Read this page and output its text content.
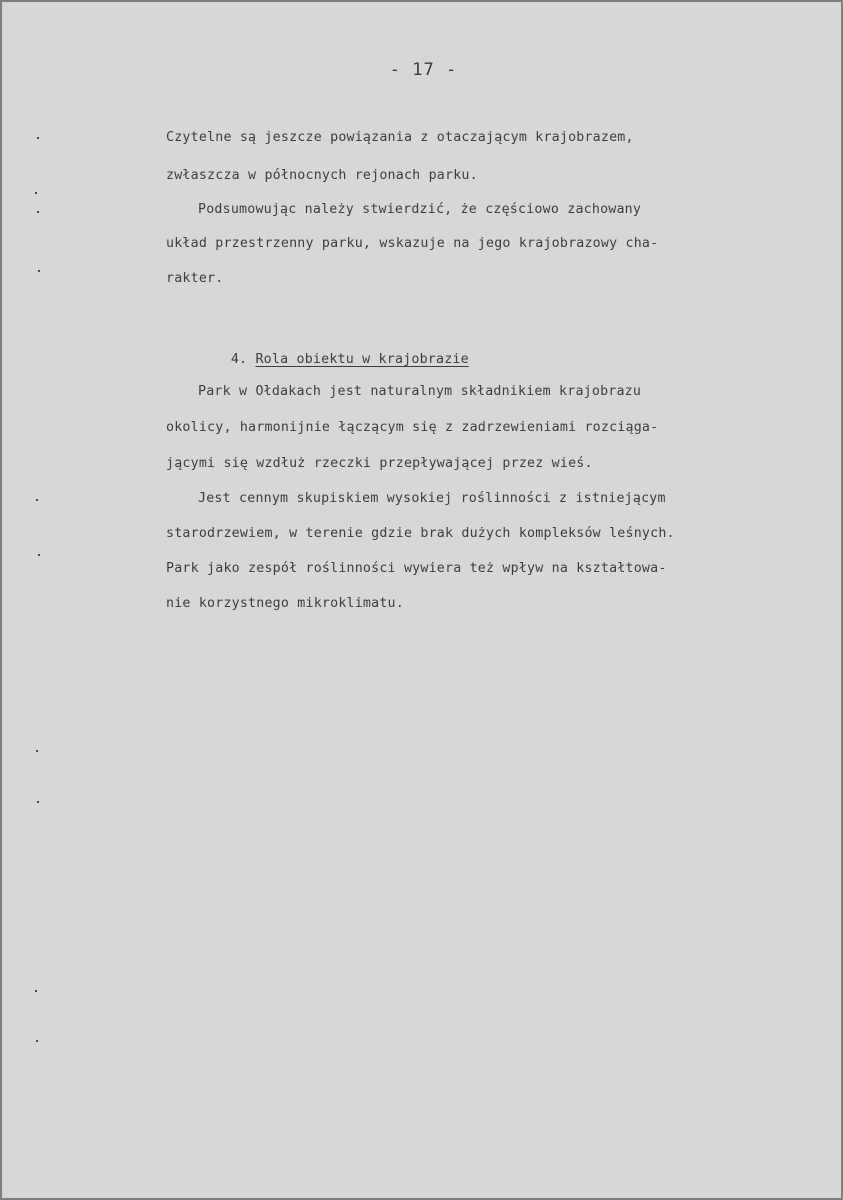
- 17 -
Czytelne są jeszcze powiązania z otaczającym krajobrazem,
zwłaszcza w północnych rejonach parku.
Podsumowując należy stwierdzić, że częściowo zachowany
układ przestrzenny parku, wskazuje na jego krajobrazowy cha-
rakter.

4. Rola obiektu w krajobrazie

Park w Ołdakach jest naturalnym składnikiem krajobrazu
okolicy, harmonijnie łączącym się z zadrzewieniami rozciąga-
jącymi się wzdłuż rzeczki przepływającej przez wieś.
Jest cennym skupiskiem wysokiej roślinności z istniejącym
starodrzewiem, w terenie gdzie brak dużych kompleksów leśnych.
Park jako zespół roślinności wywiera też wpływ na kształtowa-
nie korzystnego mikroklimatu.
